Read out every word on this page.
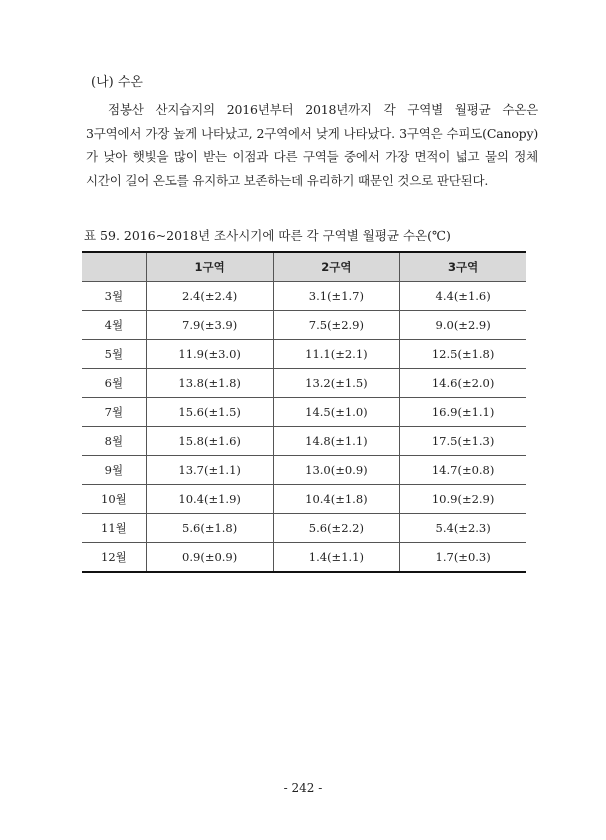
(나) 수온

점봉산 산지습지의 2016년부터 2018년까지 각 구역별 월평균 수온은 3구역에서 가장 높게 나타났고, 2구역에서 낮게 나타났다. 3구역은 수피도(Canopy)가 낮아 햇빛을 많이 받는 이점과 다른 구역들 중에서 가장 면적이 넓고 물의 정체 시간이 길어 온도를 유지하고 보존하는데 유리하기 때문인 것으로 판단된다.

표 59. 2016~2018년 조사시기에 따른 각 구역별 월평균 수온(℃)

	1구역	2구역	3구역
3월	2.4(±2.4)	3.1(±1.7)	4.4(±1.6)
4월	7.9(±3.9)	7.5(±2.9)	9.0(±2.9)
5월	11.9(±3.0)	11.1(±2.1)	12.5(±1.8)
6월	13.8(±1.8)	13.2(±1.5)	14.6(±2.0)
7월	15.6(±1.5)	14.5(±1.0)	16.9(±1.1)
8월	15.8(±1.6)	14.8(±1.1)	17.5(±1.3)
9월	13.7(±1.1)	13.0(±0.9)	14.7(±0.8)
10월	10.4(±1.9)	10.4(±1.8)	10.9(±2.9)
11월	5.6(±1.8)	5.6(±2.2)	5.4(±2.3)
12월	0.9(±0.9)	1.4(±1.1)	1.7(±0.3)
- 242 -
